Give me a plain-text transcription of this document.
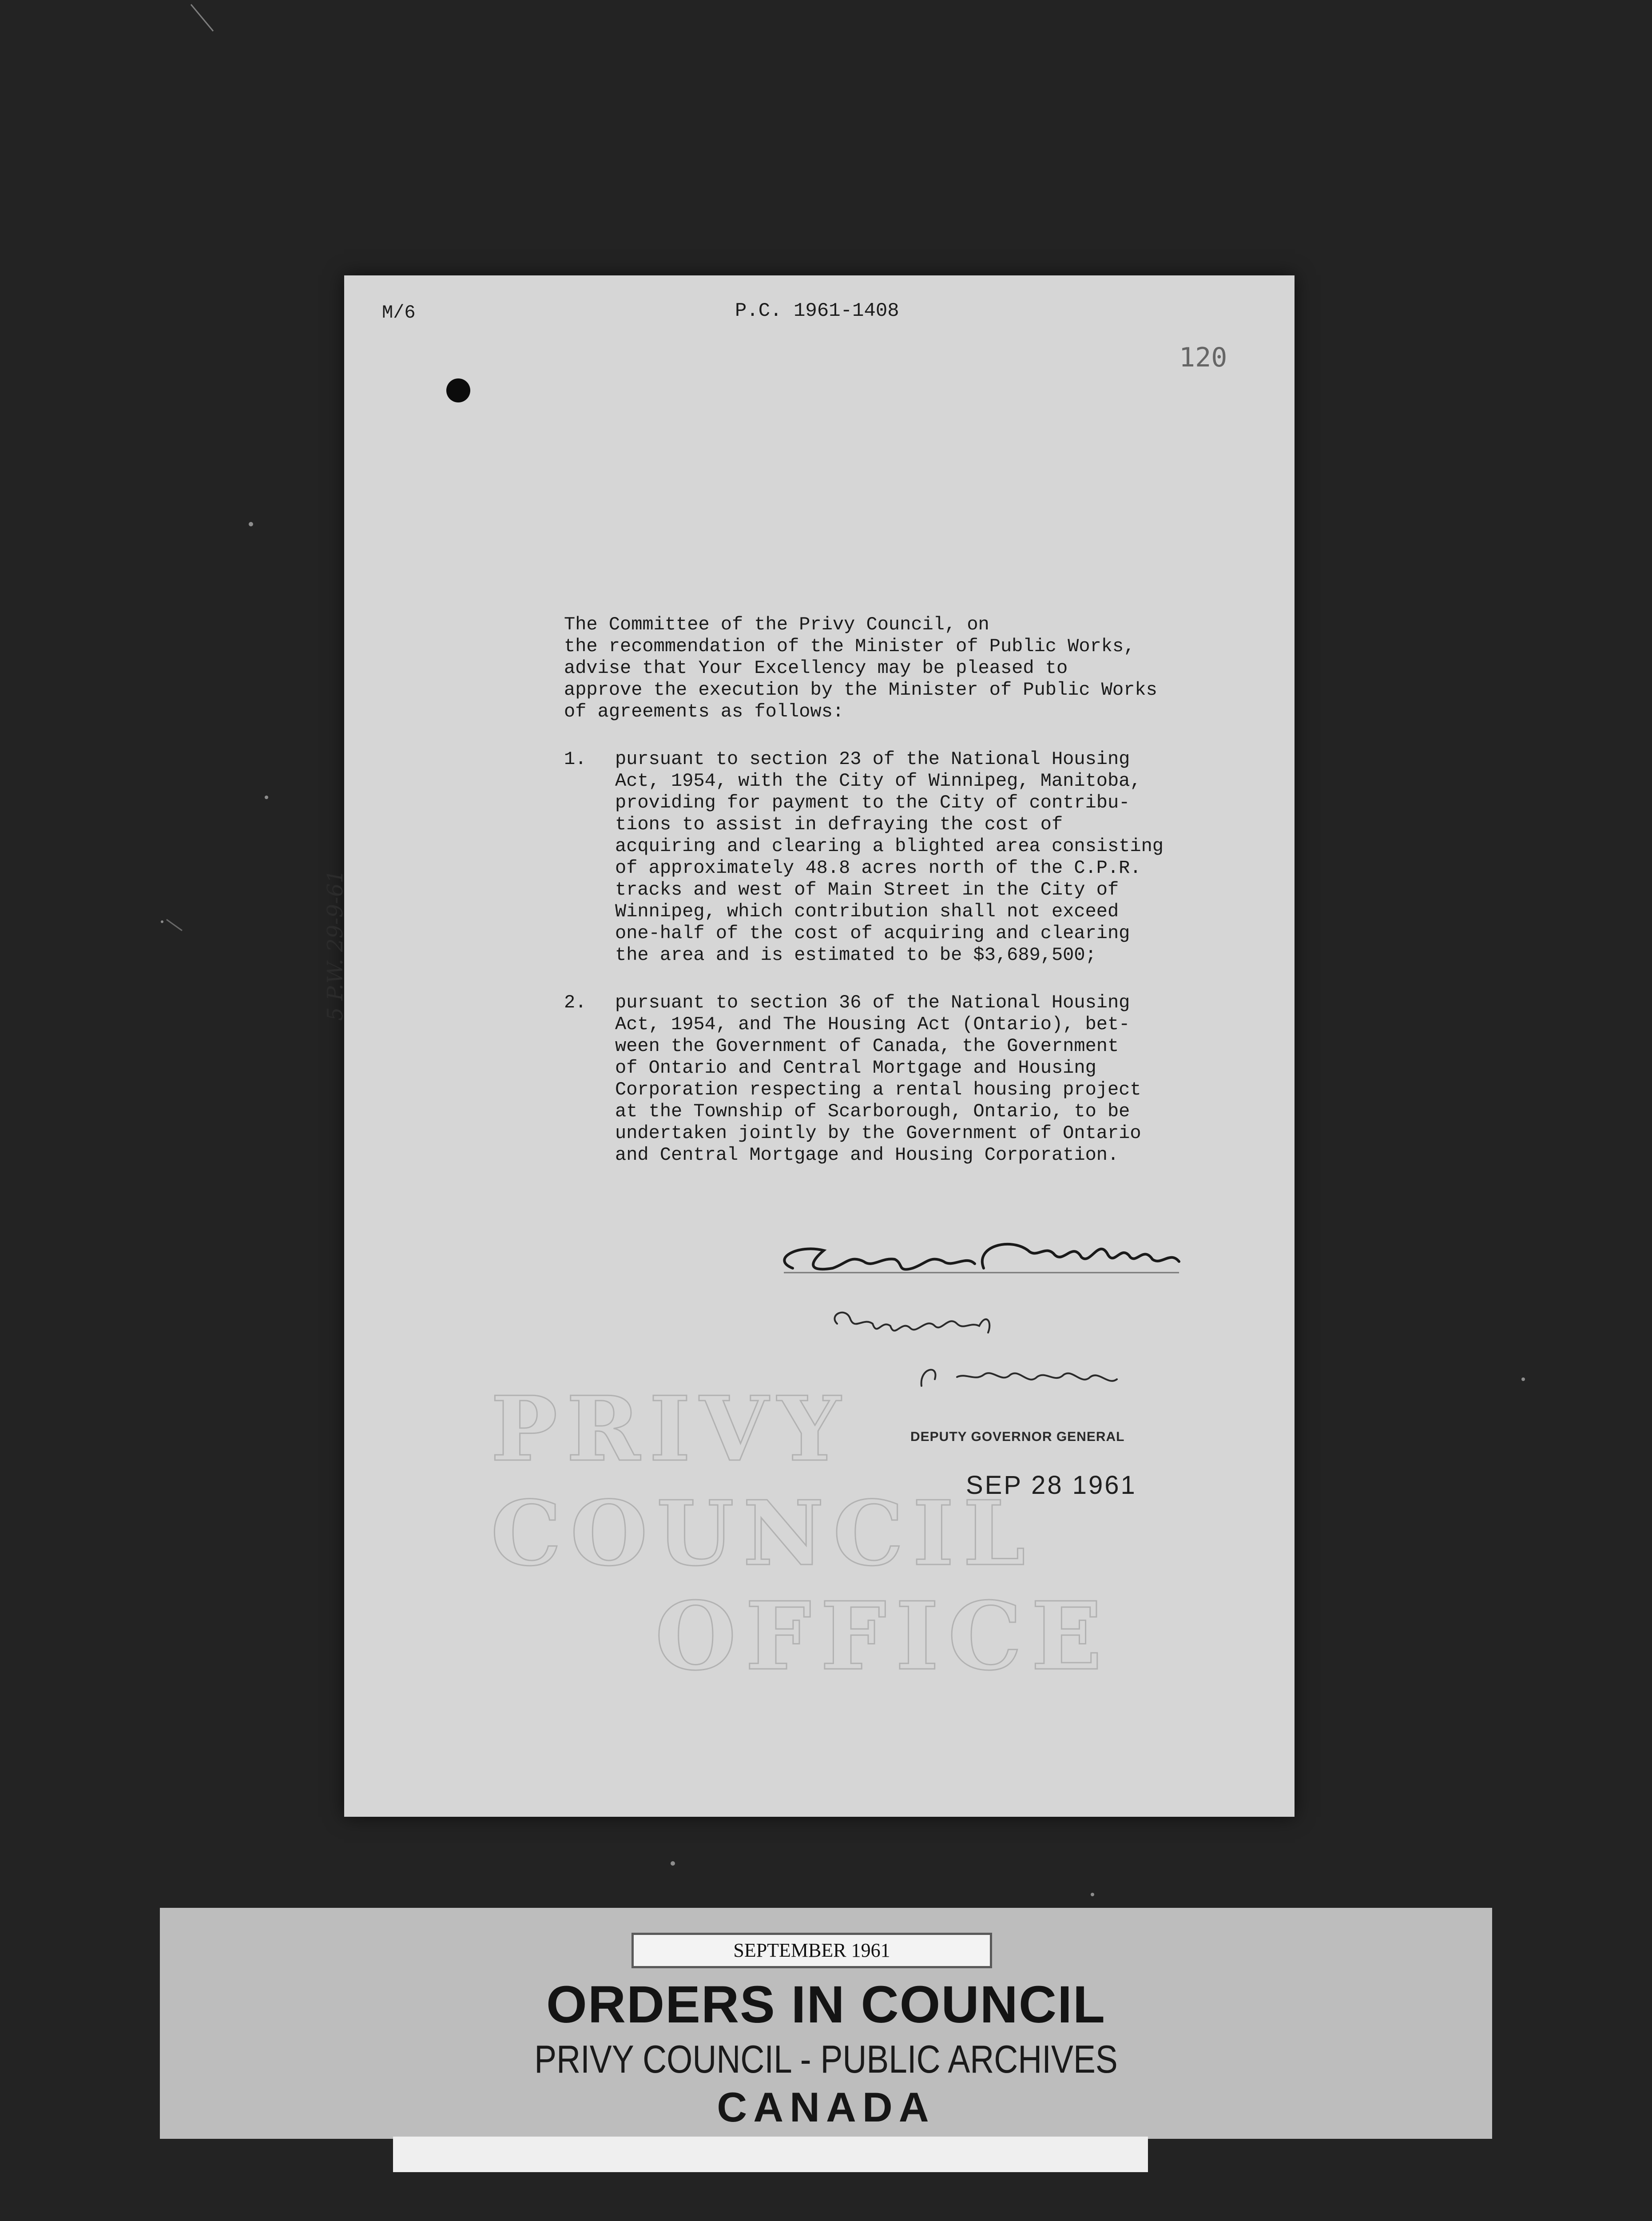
M/6	P.C. 1961-1408
120
PRIVY COUNCIL
OFFICE
5 P.W. 29-9-61

The Committee of the Privy Council, on
the recommendation of the Minister of Public Works,
advise that Your Excellency may be pleased to
approve the execution by the Minister of Public Works
of agreements as follows:

1. pursuant to section 23 of the National Housing
Act, 1954, with the City of Winnipeg, Manitoba,
providing for payment to the City of contribu-
tions to assist in defraying the cost of
acquiring and clearing a blighted area consisting
of approximately 48.8 acres north of the C.P.R.
tracks and west of Main Street in the City of
Winnipeg, which contribution shall not exceed
one-half of the cost of acquiring and clearing
the area and is estimated to be $3,689,500;
2. pursuant to section 36 of the National Housing
Act, 1954, and The Housing Act (Ontario), bet-
ween the Government of Canada, the Government
of Ontario and Central Mortgage and Housing
Corporation respecting a rental housing project
at the Township of Scarborough, Ontario, to be
undertaken jointly by the Government of Ontario
and Central Mortgage and Housing Corporation.
DEPUTY GOVERNOR GENERAL
SEP 28 1961
SEPTEMBER 1961
ORDERS IN COUNCIL
PRIVY COUNCIL - PUBLIC ARCHIVES
CANADA
